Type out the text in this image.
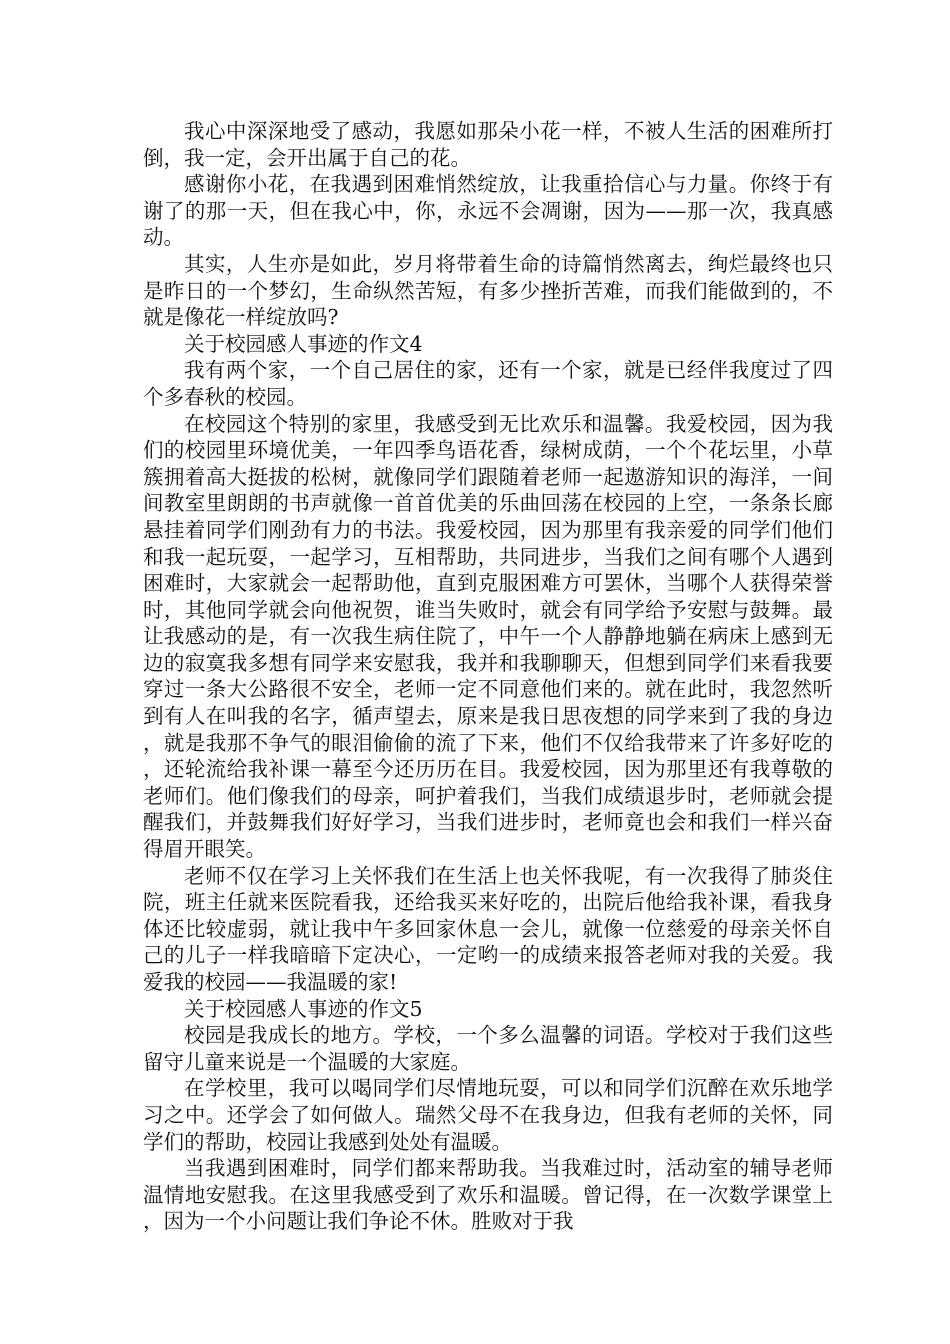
我心中深深地受了感动，我愿如那朵小花一样，不被人生活的困难所打倒，我一定，会开出属于自己的花。

感谢你小花，在我遇到困难悄然绽放，让我重拾信心与力量。你终于有谢了的那一天，但在我心中，你，永远不会凋谢，因为——那一次，我真感动。

其实，人生亦是如此，岁月将带着生命的诗篇悄然离去，绚烂最终也只是昨日的一个梦幻，生命纵然苦短，有多少挫折苦难，而我们能做到的，不就是像花一样绽放吗?

关于校园感人事迹的作文4

我有两个家，一个自己居住的家，还有一个家，就是已经伴我度过了四个多春秋的校园。

在校园这个特别的家里，我感受到无比欢乐和温馨。我爱校园，因为我们的校园里环境优美，一年四季鸟语花香，绿树成荫，一个个花坛里，小草簇拥着高大挺拔的松树，就像同学们跟随着老师一起遨游知识的海洋，一间间教室里朗朗的书声就像一首首优美的乐曲回荡在校园的上空，一条条长廊悬挂着同学们刚劲有力的书法。我爱校园，因为那里有我亲爱的同学们他们和我一起玩耍，一起学习，互相帮助，共同进步，当我们之间有哪个人遇到困难时，大家就会一起帮助他，直到克服困难方可罢休，当哪个人获得荣誉时，其他同学就会向他祝贺，谁当失败时，就会有同学给予安慰与鼓舞。最让我感动的是，有一次我生病住院了，中午一个人静静地躺在病床上感到无边的寂寞我多想有同学来安慰我，我并和我聊聊天，但想到同学们来看我要穿过一条大公路很不安全，老师一定不同意他们来的。就在此时，我忽然听到有人在叫我的名字，循声望去，原来是我日思夜想的同学来到了我的身边，就是我那不争气的眼泪偷偷的流了下来，他们不仅给我带来了许多好吃的，还轮流给我补课一幕至今还历历在目。我爱校园，因为那里还有我尊敬的老师们。他们像我们的母亲，呵护着我们，当我们成绩退步时，老师就会提醒我们，并鼓舞我们好好学习，当我们进步时，老师竟也会和我们一样兴奋得眉开眼笑。

老师不仅在学习上关怀我们在生活上也关怀我呢，有一次我得了肺炎住院，班主任就来医院看我，还给我买来好吃的，出院后他给我补课，看我身体还比较虚弱，就让我中午多回家休息一会儿，就像一位慈爱的母亲关怀自己的儿子一样我暗暗下定决心，一定哟一的成绩来报答老师对我的关爱。我爱我的校园——我温暖的家!

关于校园感人事迹的作文5

校园是我成长的地方。学校，一个多么温馨的词语。学校对于我们这些留守儿童来说是一个温暖的大家庭。

在学校里，我可以喝同学们尽情地玩耍，可以和同学们沉醉在欢乐地学习之中。还学会了如何做人。瑞然父母不在我身边，但我有老师的关怀，同学们的帮助，校园让我感到处处有温暖。

当我遇到困难时，同学们都来帮助我。当我难过时，活动室的辅导老师温情地安慰我。在这里我感受到了欢乐和温暖。曾记得，在一次数学课堂上，因为一个小问题让我们争论不休。胜败对于我
